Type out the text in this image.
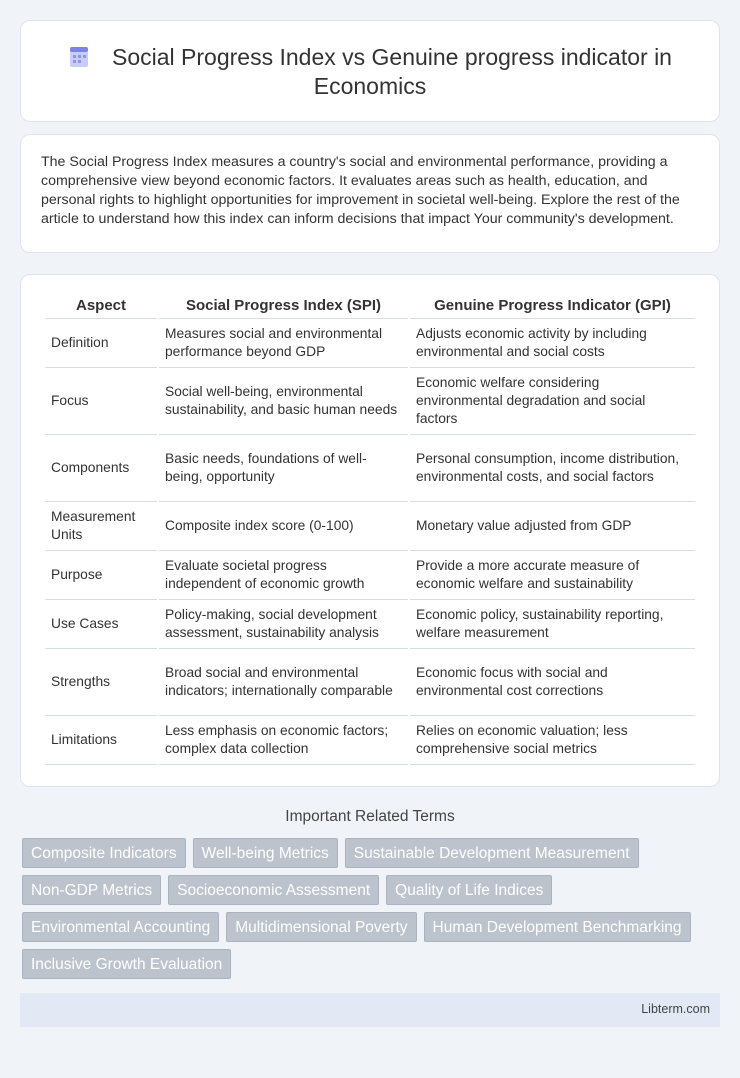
Social Progress Index vs Genuine progress indicator in
Economics

The Social Progress Index measures a country's social and environmental performance, providing a comprehensive view beyond economic factors. It evaluates areas such as health, education, and personal rights to highlight opportunities for improvement in societal well-being. Explore the rest of the article to understand how this index can inform decisions that impact Your community's development.

Aspect	Social Progress Index (SPI)	Genuine Progress Indicator (GPI)
Definition	Measures social and environmental performance beyond GDP	Adjusts economic activity by including environmental and social costs
Focus	Social well-being, environmental sustainability, and basic human needs	Economic welfare considering environmental degradation and social factors
Components	Basic needs, foundations of well-being, opportunity	Personal consumption, income distribution, environmental costs, and social factors
Measurement Units	Composite index score (0-100)	Monetary value adjusted from GDP
Purpose	Evaluate societal progress independent of economic growth	Provide a more accurate measure of economic welfare and sustainability
Use Cases	Policy-making, social development assessment, sustainability analysis	Economic policy, sustainability reporting, welfare measurement
Strengths	Broad social and environmental indicators; internationally comparable	Economic focus with social and environmental cost corrections
Limitations	Less emphasis on economic factors; complex data collection	Relies on economic valuation; less comprehensive social metrics
Important Related Terms
Composite Indicators	Well-being Metrics	Sustainable Development Measurement
Non-GDP Metrics	Socioeconomic Assessment	Quality of Life Indices
Environmental Accounting	Multidimensional Poverty	Human Development Benchmarking
Inclusive Growth Evaluation
Libterm.com
